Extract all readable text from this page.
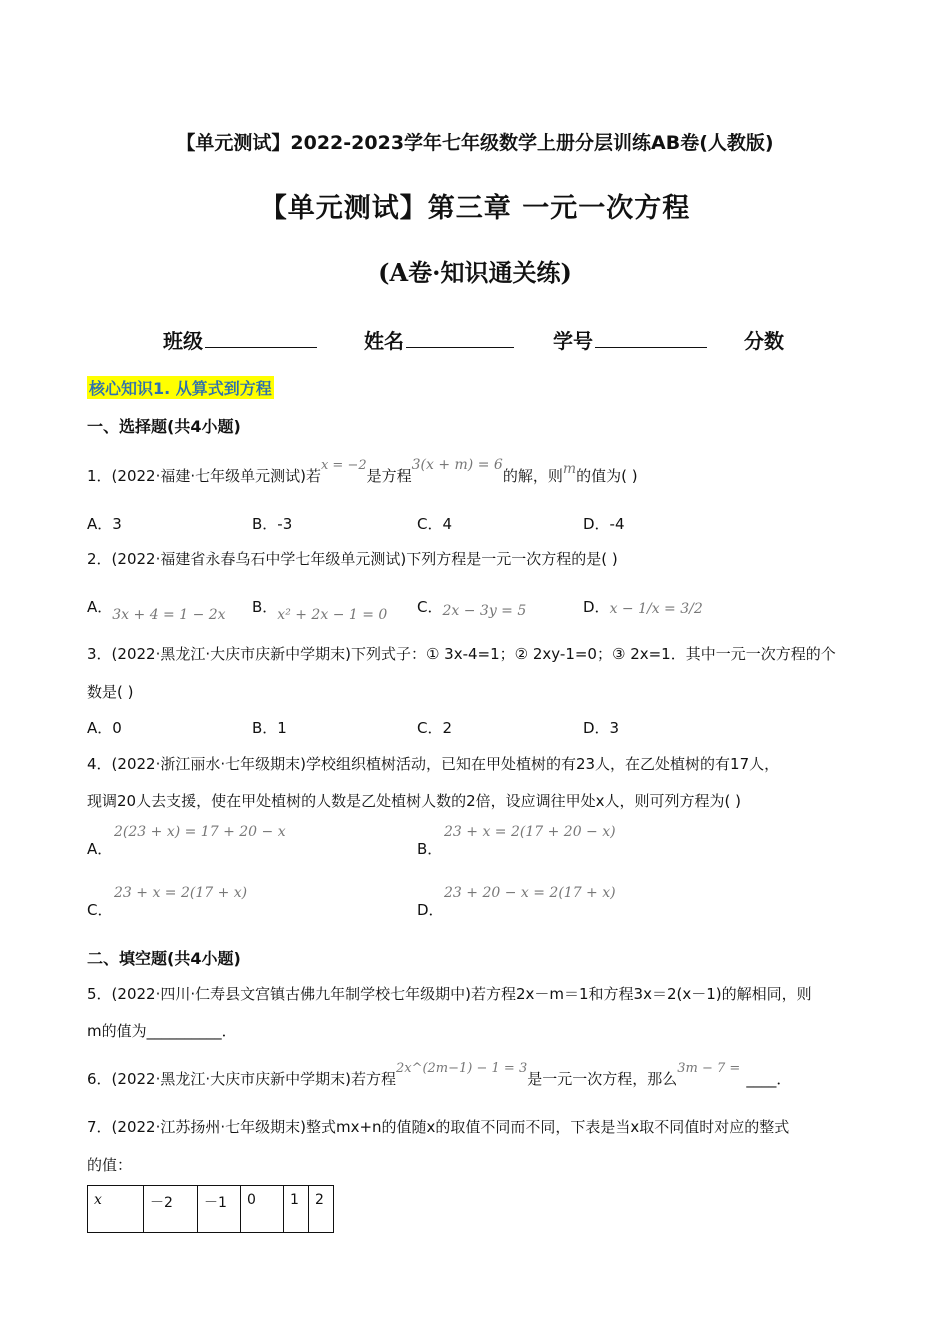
【单元测试】2022-2023学年七年级数学上册分层训练AB卷(人教版)
【单元测试】第三章 一元一次方程
(A卷·知识通关练)
班级	姓名	学号	分数
核心知识1. 从算式到方程
一、选择题(共4小题)
1．(2022·福建·七年级单元测试)若x = −2是方程3(x + m) = 6的解，则m的值为( )
A．3	B．-3	C．4	D．-4
2．(2022·福建省永春乌石中学七年级单元测试)下列方程是一元一次方程的是( )
A．3x + 4 = 1 − 2x B．x² + 2x − 1 = 0 C．2x − 3y = 5	D．x − 1/x = 3/2
3．(2022·黑龙江·大庆市庆新中学期末)下列式子：① 3x-4=1；② 2xy-1=0；③ 2x=1．其中一元一次方程的个
数是( )
A．0	B．1	C．2	D．3
4．(2022·浙江丽水·七年级期末)学校组织植树活动，已知在甲处植树的有23人，在乙处植树的有17人，
现调20人去支援，使在甲处植树的人数是乙处植树人数的2倍，设应调往甲处x人，则可列方程为( )
A．
2(23 + x) = 17 + 20 − x
B．
23 + x = 2(17 + 20 − x)
C．
23 + x = 2(17 + x)
D．
23 + 20 − x = 2(17 + x)
二、填空题(共4小题)
5．(2022·四川·仁寿县文宫镇古佛九年制学校七年级期中)若方程2x－m＝1和方程3x＝2(x－1)的解相同，则
m的值为__________．
6．(2022·黑龙江·大庆市庆新中学期末)若方程2x^(2m−1) − 1 = 3是一元一次方程，那么3m − 7 =____．
7．(2022·江苏扬州·七年级期末)整式mx+n的值随x的取值不同而不同，下表是当x取不同值时对应的整式
的值：
x	－2	－1	0	1	2
